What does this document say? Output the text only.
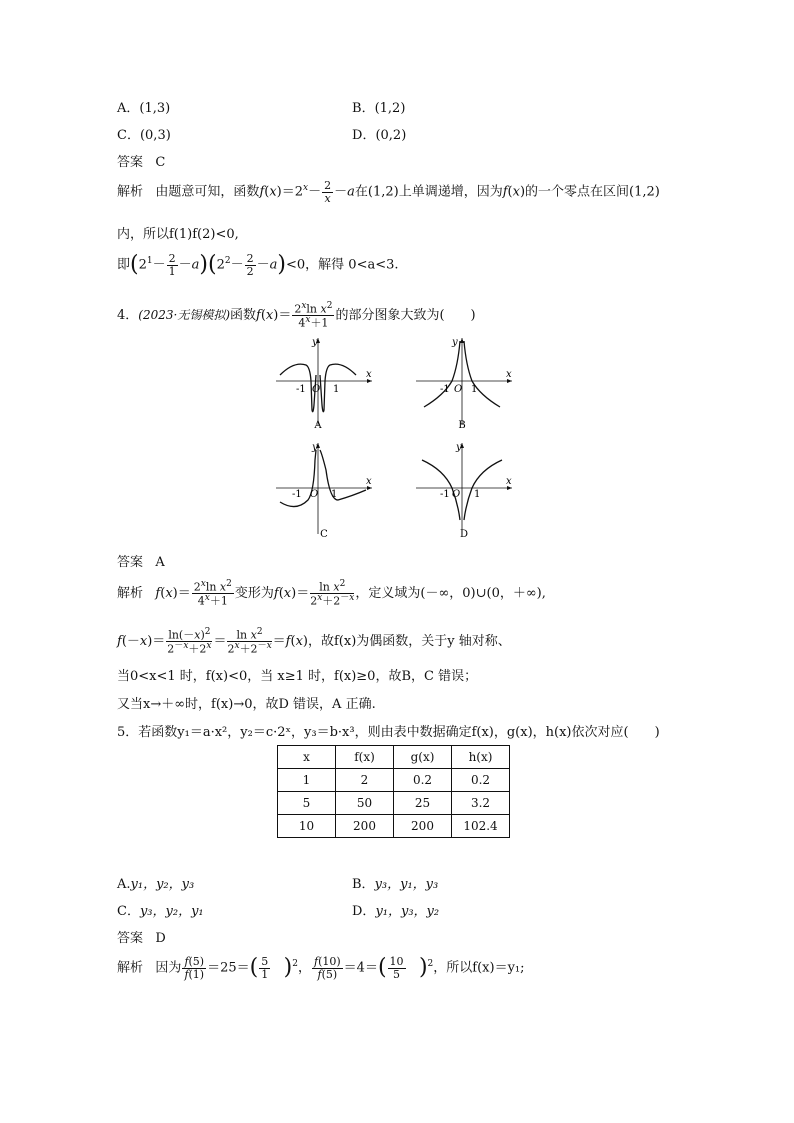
A．(1,3)	B．(1,2)
C．(0,3)	D．(0,2)
答案 C
解析 由题意可知，函数$f(x)=2^x- \frac{2}{x} -a$在(1,2)上单调递增，因为f(x)的一个零点在区间(1,2)
内，所以f(1)f(2)<0,
即$(2^1- \frac{2}{1} -a)(2^2- \frac{2}{2} -a)<0$，解得 0<a<3.
4．(2023·无锡模拟)函数$f(x)= \frac{2^x\ln x^2}{4^x+1}$ 的部分图象大致为(　　)
y
x
-1 O 1
A
y
x
-1 O 1
B
y
x
-1 O 1
C
y
x
-1 O 1
D
答案 A
解析 $f(x)= \frac{2^x\ln x^2}{4^x+1}$ 变形为$f(x)= \frac{\ln x^2}{2^x+2^{-x}}$ ，定义域为(－∞，0)∪(0，＋∞),
$f(-x)= \frac{\ln(-x)^2}{2^{-x}+2^x} = \frac{\ln x^2}{2^x+2^{-x}} =f(x)$，故f(x)为偶函数，关于y 轴对称、
当0<x<1 时，f(x)<0，当 x≥1 时，f(x)≥0，故B，C 错误；
又当x→＋∞时，f(x)→0，故D 错误，A 正确.
5．若函数y₁＝a·x²，y₂＝c·2ˣ，y₃＝b·x³，则由表中数据确定f(x)，g(x)，h(x)依次对应(　　)
x	f(x)	g(x)	h(x)
1	2	0.2	0.2
5	50	25	3.2
10	200	200	102.4
A.y₁，y₂，y₃	B．y₃，y₁，y₃
C．y₃，y₂，y₁	D．y₁，y₃，y₂
答案 D
解析 因为 $\frac{f(5)}{f(1)} =25=( \frac{5}{1} )^2$， $\frac{f(10)}{f(5)} =4=( \frac{10}{5} )^2$，所以f(x)＝y₁;
